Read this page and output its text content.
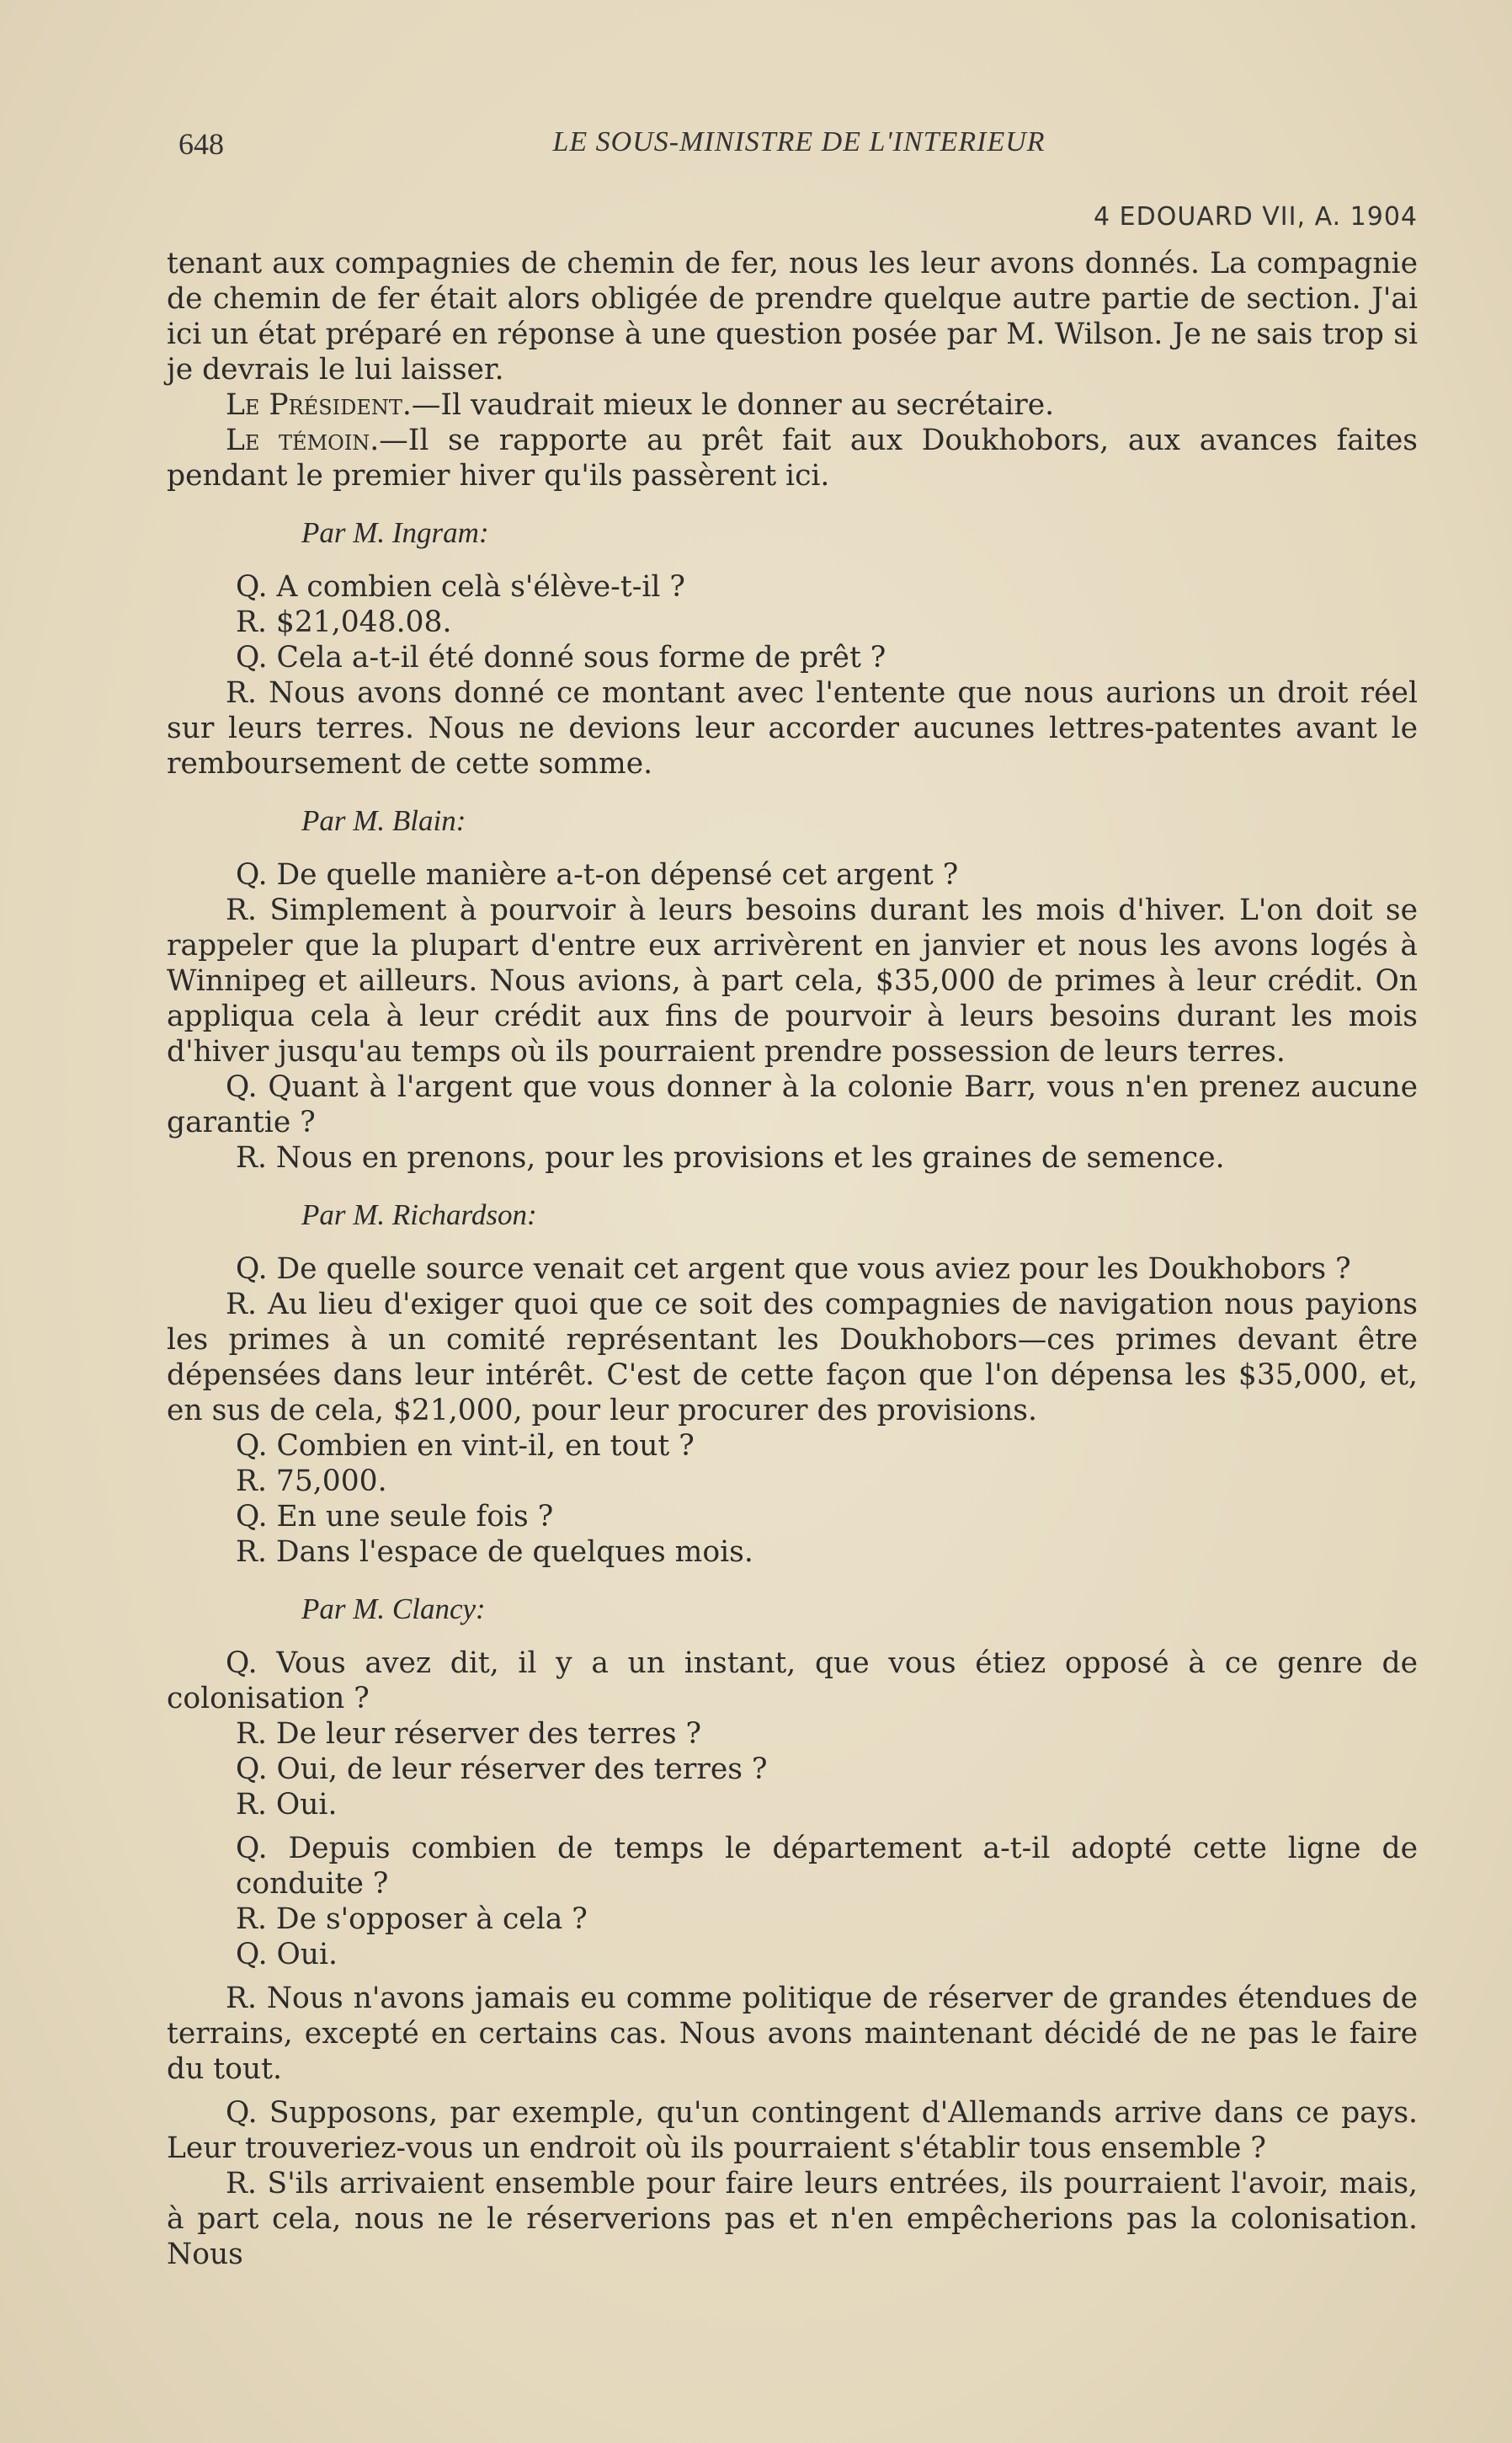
648	LE SOUS-MINISTRE DE L'INTERIEUR
4 EDOUARD VII, A. 1904

tenant aux compagnies de chemin de fer, nous les leur avons donnés. La compagnie de chemin de fer était alors obligée de prendre quelque autre partie de section. J'ai ici un état préparé en réponse à une question posée par M. Wilson. Je ne sais trop si je devrais le lui laisser.

Le Président.—Il vaudrait mieux le donner au secrétaire.

Le témoin.—Il se rapporte au prêt fait aux Doukhobors, aux avances faites pendant le premier hiver qu'ils passèrent ici.

Par M. Ingram:

Q. A combien celà s'élève-t-il ?

R. $21,048.08.

Q. Cela a-t-il été donné sous forme de prêt ?

R. Nous avons donné ce montant avec l'entente que nous aurions un droit réel sur leurs terres. Nous ne devions leur accorder aucunes lettres-patentes avant le remboursement de cette somme.

Par M. Blain:

Q. De quelle manière a-t-on dépensé cet argent ?

R. Simplement à pourvoir à leurs besoins durant les mois d'hiver. L'on doit se rappeler que la plupart d'entre eux arrivèrent en janvier et nous les avons logés à Winnipeg et ailleurs. Nous avions, à part cela, $35,000 de primes à leur crédit. On appliqua cela à leur crédit aux fins de pourvoir à leurs besoins durant les mois d'hiver jusqu'au temps où ils pourraient prendre possession de leurs terres.

Q. Quant à l'argent que vous donner à la colonie Barr, vous n'en prenez aucune garantie ?

R. Nous en prenons, pour les provisions et les graines de semence.

Par M. Richardson:

Q. De quelle source venait cet argent que vous aviez pour les Doukhobors ?

R. Au lieu d'exiger quoi que ce soit des compagnies de navigation nous payions les primes à un comité représentant les Doukhobors—ces primes devant être dépensées dans leur intérêt. C'est de cette façon que l'on dépensa les $35,000, et, en sus de cela, $21,000, pour leur procurer des provisions.

Q. Combien en vint-il, en tout ?

R. 75,000.

Q. En une seule fois ?

R. Dans l'espace de quelques mois.

Par M. Clancy:

Q. Vous avez dit, il y a un instant, que vous étiez opposé à ce genre de colonisation ?

R. De leur réserver des terres ?

Q. Oui, de leur réserver des terres ?

R. Oui.

Q. Depuis combien de temps le département a-t-il adopté cette ligne de conduite ?

R. De s'opposer à cela ?

Q. Oui.

R. Nous n'avons jamais eu comme politique de réserver de grandes étendues de terrains, excepté en certains cas. Nous avons maintenant décidé de ne pas le faire du tout.

Q. Supposons, par exemple, qu'un contingent d'Allemands arrive dans ce pays. Leur trouveriez-vous un endroit où ils pourraient s'établir tous ensemble ?

R. S'ils arrivaient ensemble pour faire leurs entrées, ils pourraient l'avoir, mais, à part cela, nous ne le réserverions pas et n'en empêcherions pas la colonisation. Nous
